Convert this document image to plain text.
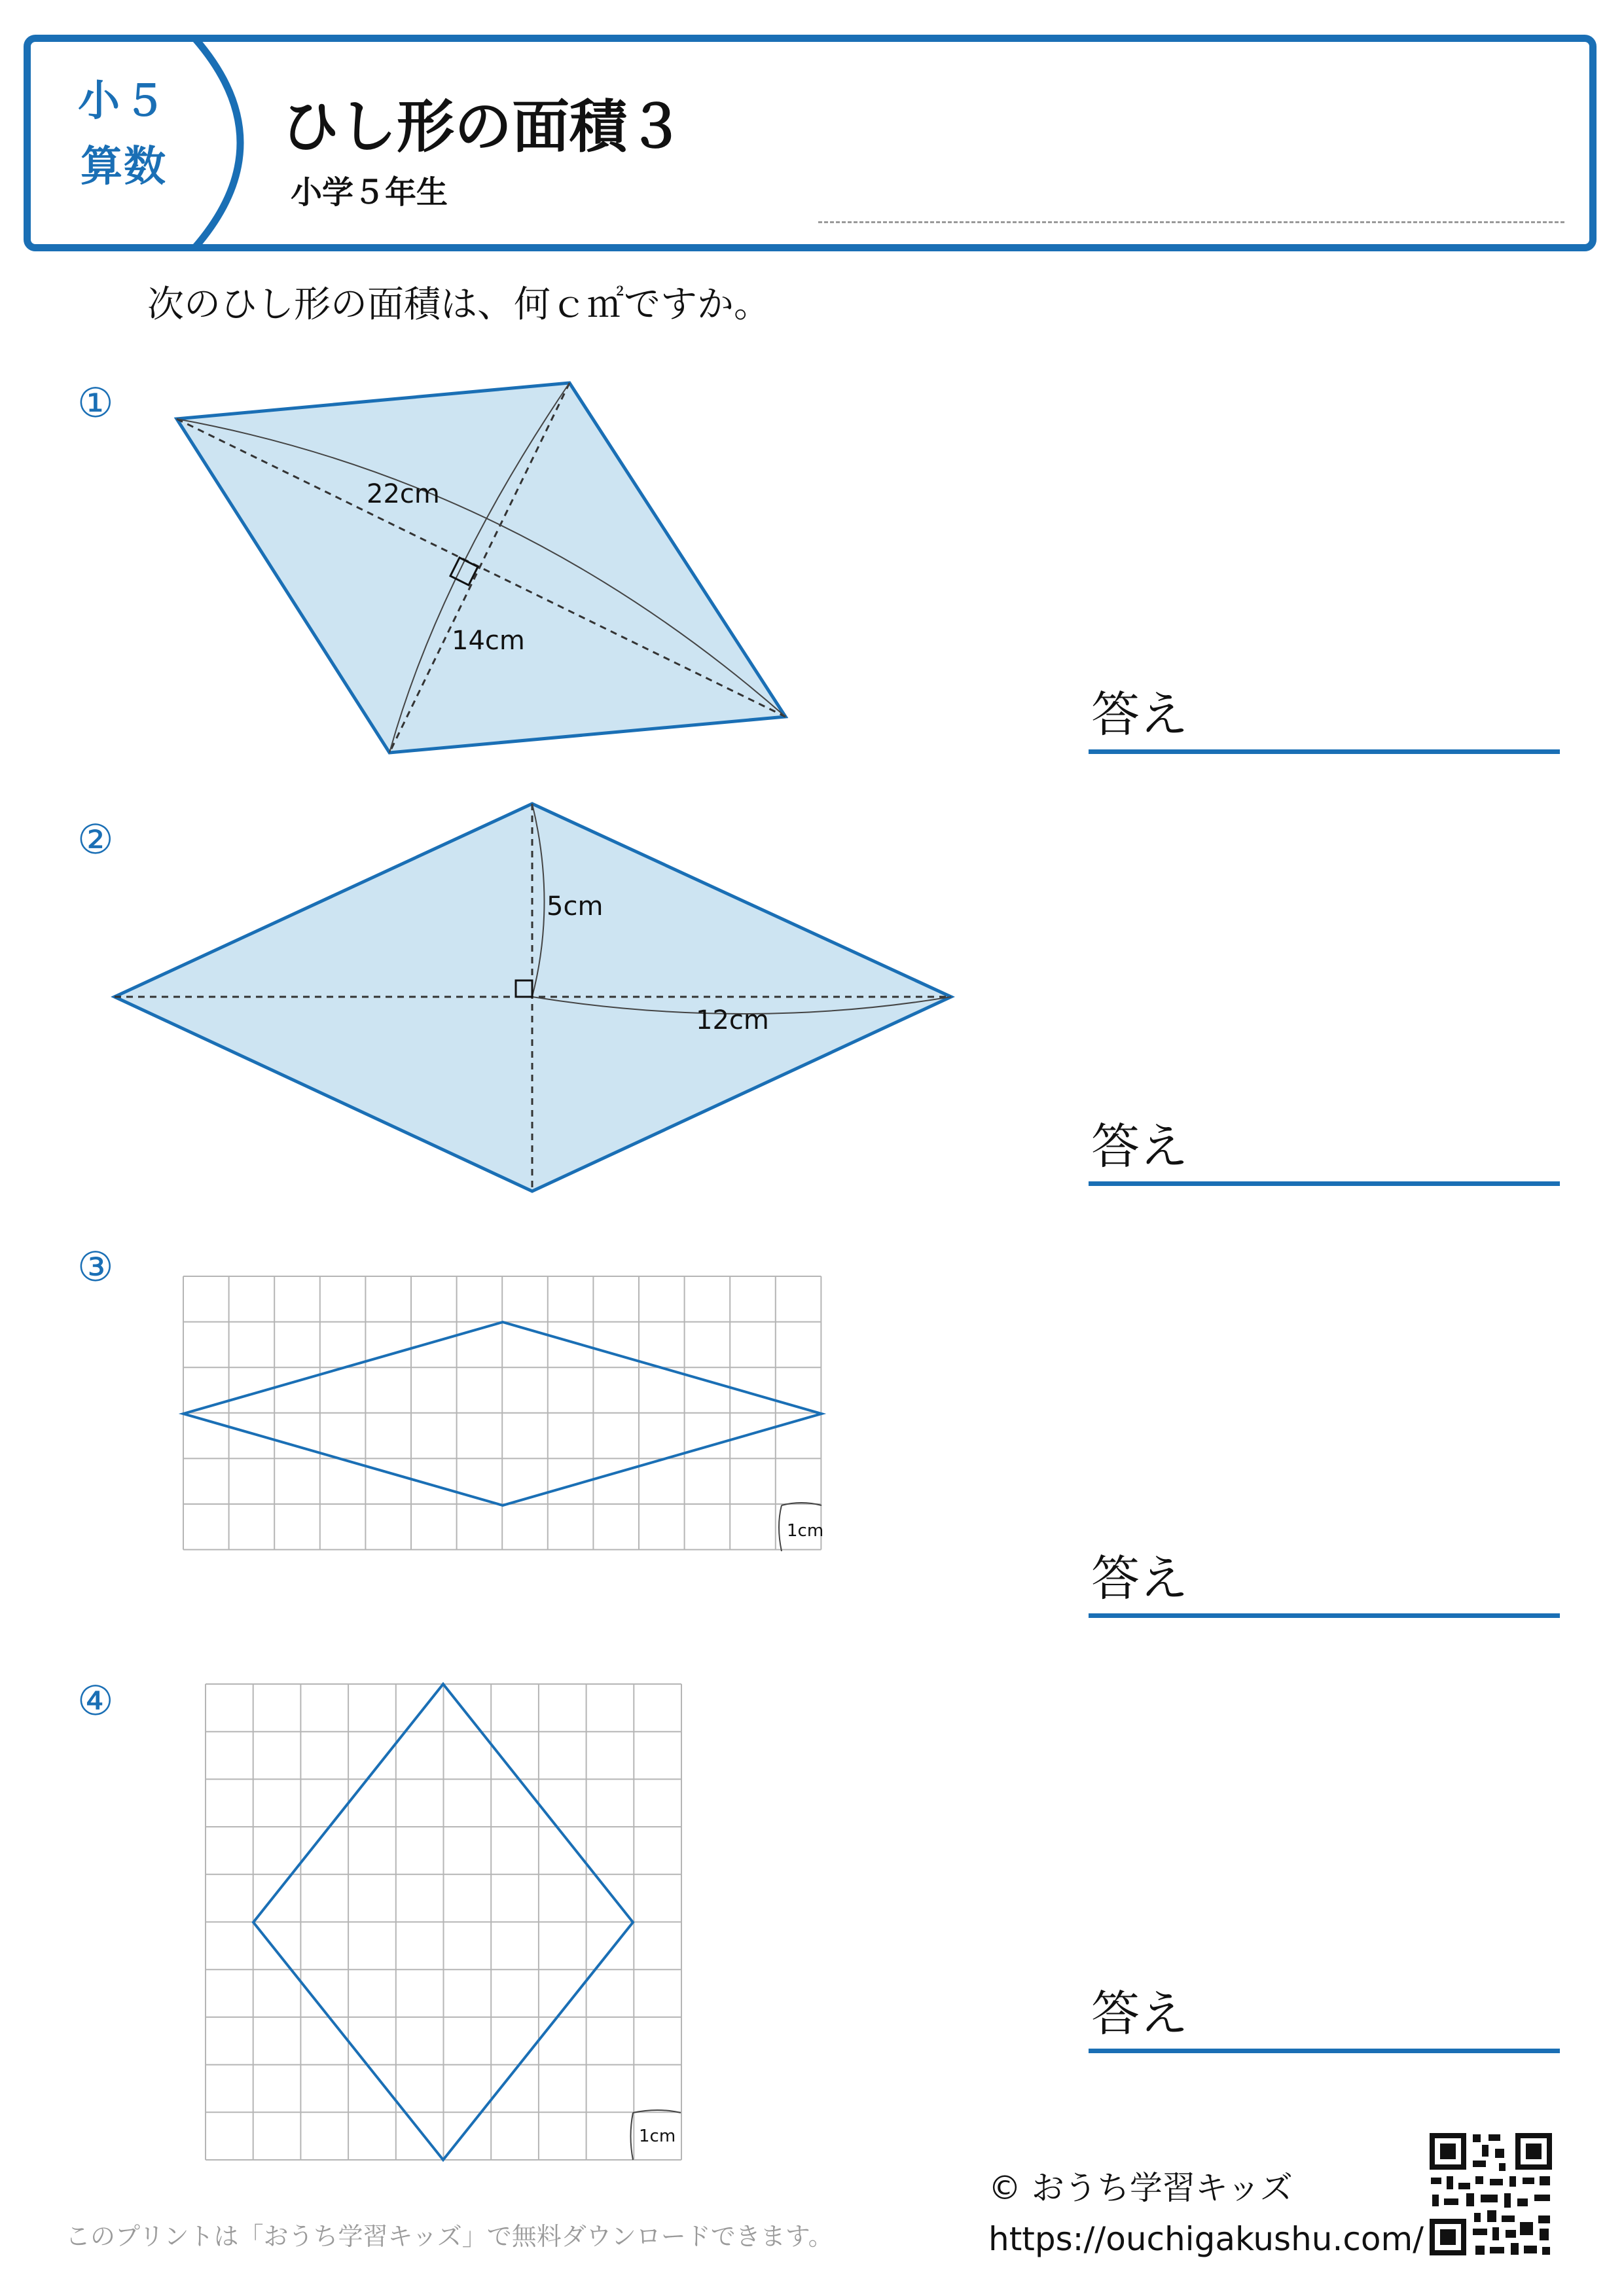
小５
算数
ひし形の面積３
小学５年生
次のひし形の面積は、何ｃ㎡ですか。
①
22cm
14cm
答え
②
5cm
12cm
答え
③
1cm
答え
④
1cm
答え
このプリントは「おうち学習キッズ」で無料ダウンロードできます。
© おうち学習キッズ
https://ouchigakushu.com/
